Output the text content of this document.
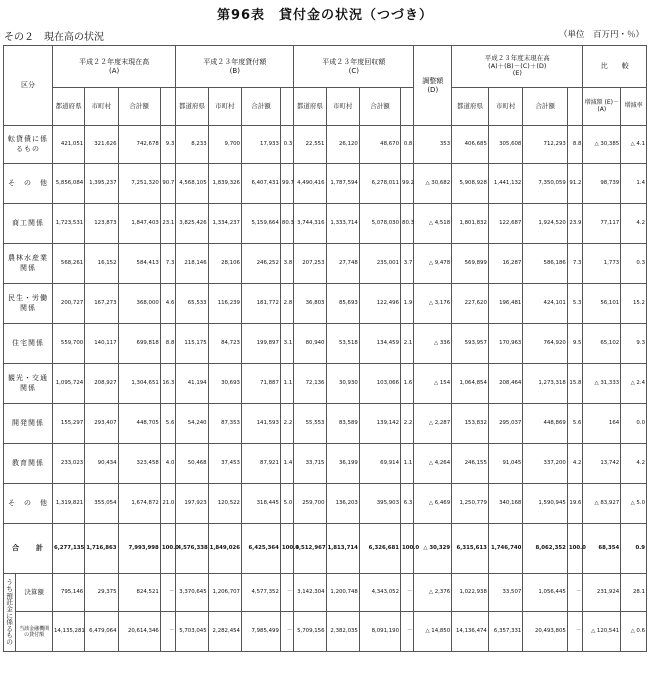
第96表　貸付金の状況（つづき）
その２　現在高の状況	（単位　百万円・％）
区分		平成２２年度末現在高
(A)				平成２３年度貸付額
(B)				平成２３年度回収額
(C)				調整額
(D)	平成２３年度末現在高
(A)＋(B)－(C)＋(D)
(E)				比　　較	
		都道府県	市町村	合計額		都道府県	市町村	合計額		都道府県	市町村	合計額			都道府県	市町村	合計額		増減額 (E)－(A)	増減率
転貸債に係るもの		421,051	321,626	742,678	9.3	8,233	9,700	17,933	0.3	22,551	26,120	48,670	0.8	353	406,685	305,608	712,293	8.8	△ 30,385	△ 4.1
そ　の　他		5,856,084	1,395,237	7,251,320	90.7	4,568,105	1,839,326	6,407,431	99.7	4,490,416	1,787,594	6,278,011	99.2	△ 30,682	5,908,928	1,441,132	7,350,059	91.2	98,739	1.4
商工関係		1,723,531	123,873	1,847,403	23.1	3,825,426	1,334,237	5,159,664	80.3	3,744,316	1,333,714	5,078,030	80.3	△ 4,518	1,801,832	122,687	1,924,520	23.9	77,117	4.2
農林水産業関係		568,261	16,152	584,413	7.3	218,146	28,106	246,252	3.8	207,253	27,748	235,001	3.7	△ 9,478	569,899	16,287	586,186	7.3	1,773	0.3
民生・労働関係		200,727	167,273	368,000	4.6	65,533	116,239	181,772	2.8	36,803	85,693	122,496	1.9	△ 3,176	227,620	196,481	424,101	5.3	56,101	15.2
住宅関係		559,700	140,117	699,818	8.8	115,175	84,723	199,897	3.1	80,940	53,518	134,459	2.1	△ 336	593,957	170,963	764,920	9.5	65,102	9.3
観光・交通関係		1,095,724	208,927	1,304,651	16.3	41,194	30,693	71,887	1.1	72,136	30,930	103,066	1.6	△ 154	1,064,854	208,464	1,273,318	15.8	△ 31,333	△ 2.4
開発関係		155,297	293,407	448,705	5.6	54,240	87,353	141,593	2.2	55,553	83,589	139,142	2.2	△ 2,287	153,832	295,037	448,869	5.6	164	0.0
教育関係		233,023	90,434	323,458	4.0	50,468	37,453	87,921	1.4	33,715	36,199	69,914	1.1	△ 4,264	246,155	91,045	337,200	4.2	13,742	4.2
そ　の　他		1,319,821	355,054	1,674,872	21.0	197,923	120,522	318,445	5.0	259,700	136,203	395,903	6.3	△ 6,469	1,250,779	340,168	1,590,945	19.6	△ 83,927	△ 5.0
合　　計		6,277,135	1,716,863	7,993,998	100.0	4,576,338	1,849,026	6,425,364	100.0	4,512,967	1,813,714	6,326,681	100.0	△ 30,329	6,315,613	1,746,740	8,062,352	100.0	68,354	0.9
うち預託金に係るもの	決算額	795,146	29,375	824,521	－	3,370,645	1,206,707	4,577,352	－	3,142,304	1,200,748	4,343,052	－	△ 2,376	1,022,938	33,507	1,056,445	－	231,924	28.1
	当該金融機関の貸付額	14,135,281	6,479,064	20,614,346	－	5,703,045	2,282,454	7,985,499	－	5,709,156	2,382,035	8,091,190	－	△ 14,850	14,136,474	6,357,331	20,493,805	－	△ 120,541	△ 0.6
